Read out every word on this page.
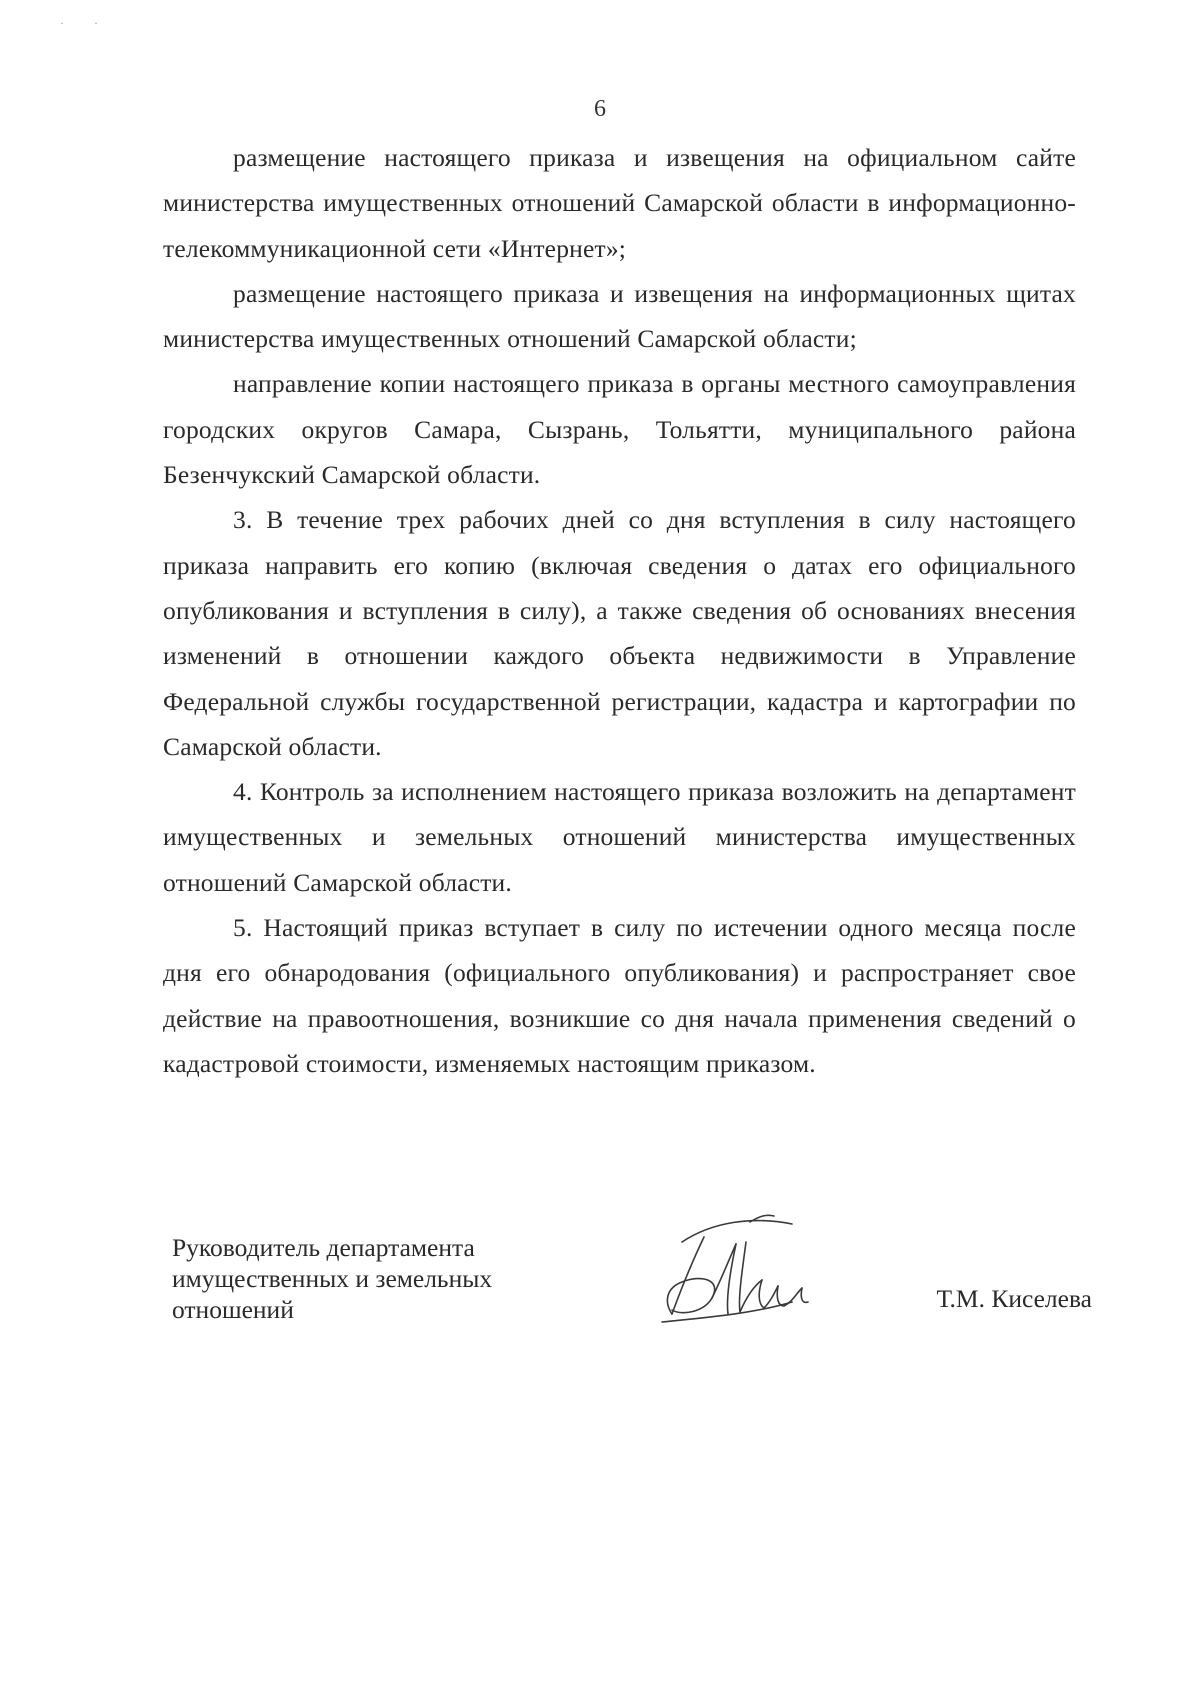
·          ·
6

размещение настоящего приказа и извещения на официальном сайте министерства имущественных отношений Самарской области в информационно-телекоммуникационной сети «Интернет»;

размещение настоящего приказа и извещения на информационных щитах министерства имущественных отношений Самарской области;

направление копии настоящего приказа в органы местного самоуправления городских округов Самара, Сызрань, Тольятти, муниципального района Безенчукский Самарской области.

3. В течение трех рабочих дней со дня вступления в силу настоящего приказа направить его копию (включая сведения о датах его официального опубликования и вступления в силу), а также сведения об основаниях внесения изменений в отношении каждого объекта недвижимости в Управление Федеральной службы государственной регистрации, кадастра и картографии по Самарской области.

4. Контроль за исполнением настоящего приказа возложить на департамент имущественных и земельных отношений министерства имущественных отношений Самарской области.

5. Настоящий приказ вступает в силу по истечении одного месяца после дня его обнародования (официального опубликования) и распространяет свое действие на правоотношения, возникшие со дня начала применения сведений о кадастровой стоимости, изменяемых настоящим приказом.

Руководитель департамента
имущественных и земельных
отношений	Т.М. Киселева
